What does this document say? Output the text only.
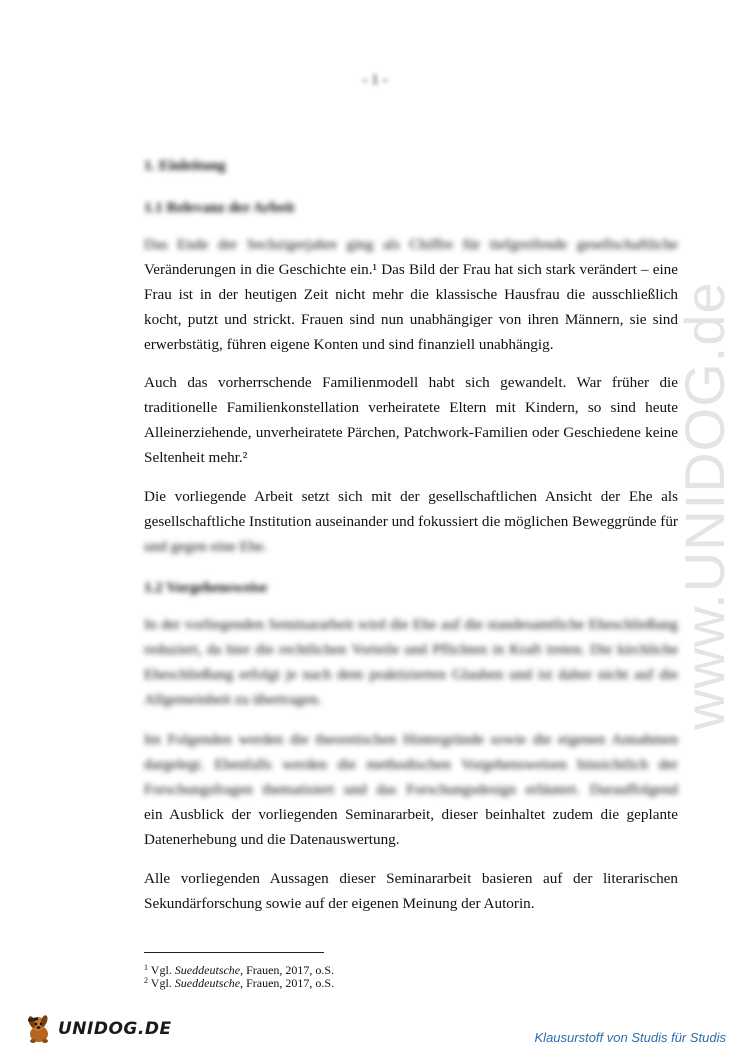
www.UNIDOG.de
- 1 -
1. Einleitung
1.1 Relevanz der Arbeit
Das Ende der Sechzigerjahre ging als Chiffre für tiefgreifende gesellschaftliche
Veränderungen in die Geschichte ein.¹ Das Bild der Frau hat sich stark verändert – eine
Frau ist in der heutigen Zeit nicht mehr die klassische Hausfrau die ausschließlich
kocht, putzt und strickt. Frauen sind nun unabhängiger von ihren Männern, sie sind
erwerbstätig, führen eigene Konten und sind finanziell unabhängig.
Auch das vorherrschende Familienmodell habt sich gewandelt. War früher die
traditionelle Familienkonstellation verheiratete Eltern mit Kindern, so sind heute
Alleinerziehende, unverheiratete Pärchen, Patchwork-Familien oder Geschiedene keine
Seltenheit mehr.²
Die vorliegende Arbeit setzt sich mit der gesellschaftlichen Ansicht der Ehe als
gesellschaftliche Institution auseinander und fokussiert die möglichen Beweggründe für
und gegen eine Ehe.
1.2 Vorgehensweise
In der vorliegenden Seminararbeit wird die Ehe auf die standesamtliche Eheschließung
reduziert, da hier die rechtlichen Vorteile und Pflichten in Kraft treten. Die kirchliche
Eheschließung erfolgt je nach dem praktizierten Glauben und ist daher nicht auf die
Allgemeinheit zu übertragen.
Im Folgenden werden die theoretischen Hintergründe sowie die eigenen Annahmen
dargelegt. Ebenfalls werden die methodischen Vorgehensweisen hinsichtlich der
Forschungsfragen thematisiert und das Forschungsdesign erläutert. Darauffolgend
ein Ausblick der vorliegenden Seminararbeit, dieser beinhaltet zudem die geplante
Datenerhebung und die Datenauswertung.
Alle vorliegenden Aussagen dieser Seminararbeit basieren auf der literarischen
Sekundärforschung sowie auf der eigenen Meinung der Autorin.
$^1$ Vgl. Sueddeutsche, Frauen, 2017, o.S.
$^2$ Vgl. Sueddeutsche, Frauen, 2017, o.S.
UNIDOG.DE	Klausurstoff von Studis für Studis
